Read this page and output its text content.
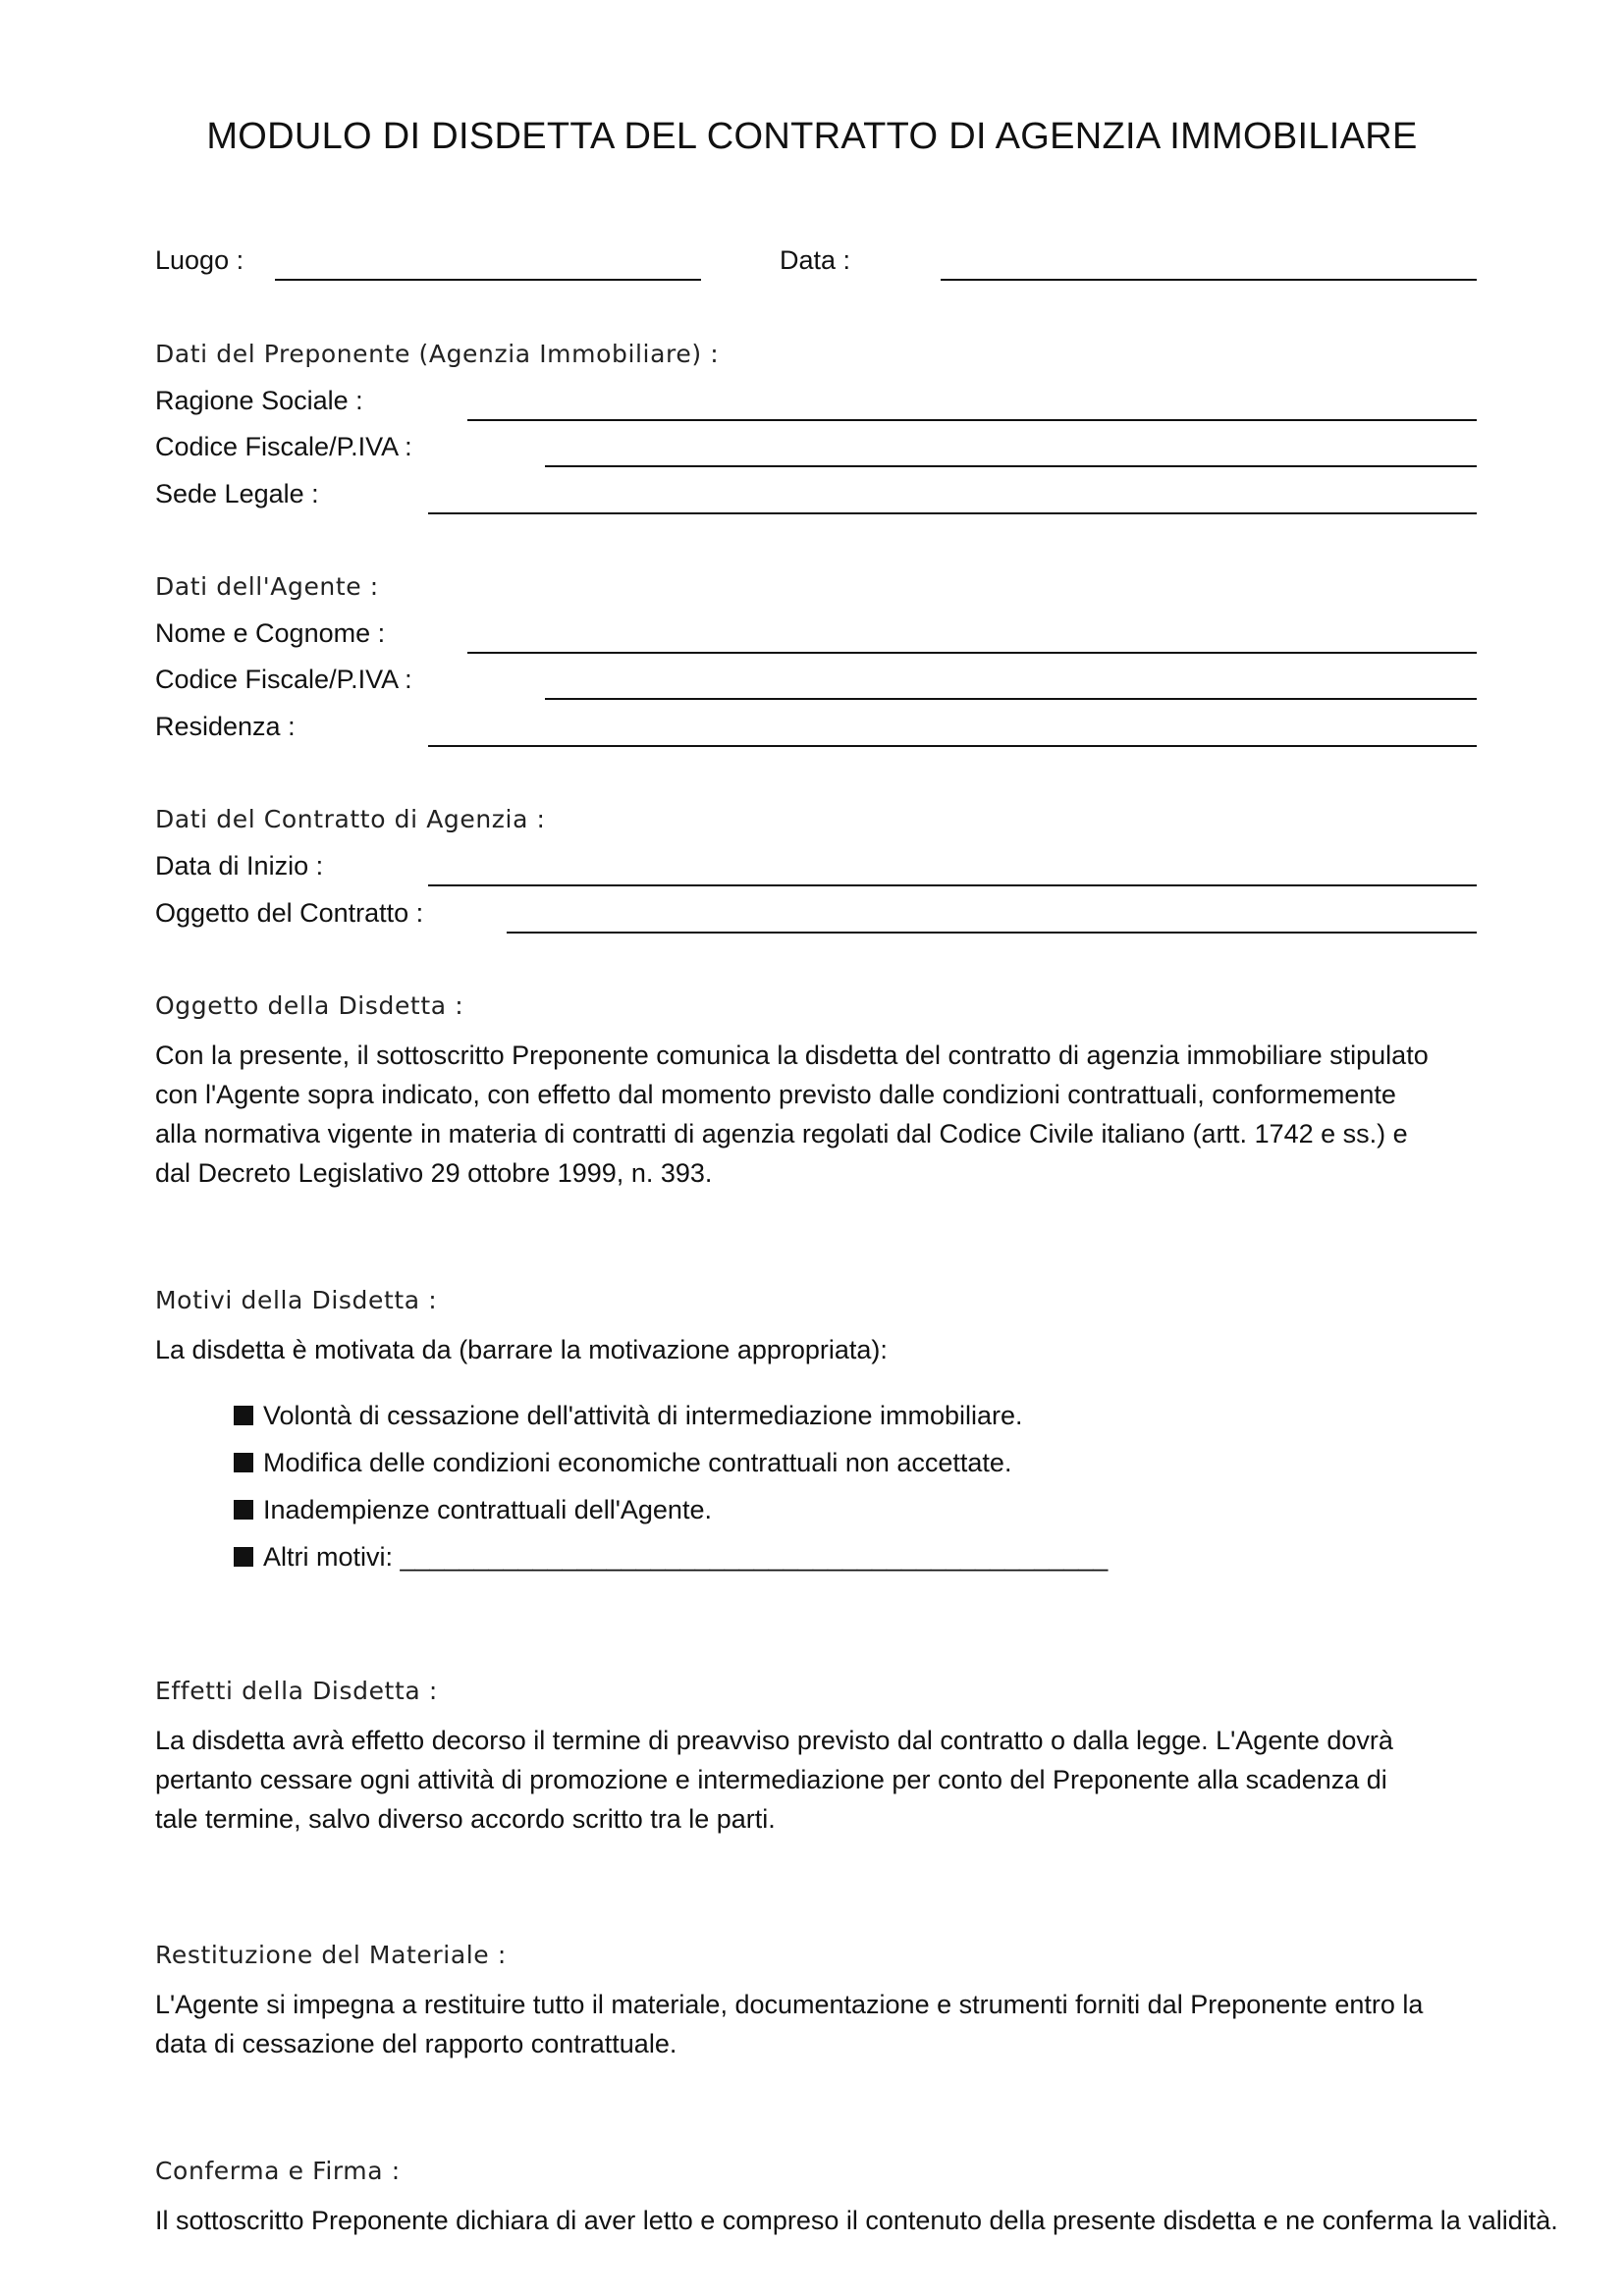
MODULO DI DISDETTA DEL CONTRATTO DI AGENZIA IMMOBILIARE
Luogo :	Data :
Dati del Preponente (Agenzia Immobiliare) :
Ragione Sociale :
Codice Fiscale/P.IVA :
Sede Legale :
Dati dell'Agente :
Nome e Cognome :
Codice Fiscale/P.IVA :
Residenza :
Dati del Contratto di Agenzia :
Data di Inizio :
Oggetto del Contratto :
Oggetto della Disdetta :
Con la presente, il sottoscritto Preponente comunica la disdetta del contratto di agenzia immobiliare stipulato
con l'Agente sopra indicato, con effetto dal momento previsto dalle condizioni contrattuali, conformemente
alla normativa vigente in materia di contratti di agenzia regolati dal Codice Civile italiano (artt. 1742 e ss.) e
dal Decreto Legislativo 29 ottobre 1999, n. 393.
Motivi della Disdetta :
La disdetta è motivata da (barrare la motivazione appropriata):
Volontà di cessazione dell'attività di intermediazione immobiliare.
Modifica delle condizioni economiche contrattuali non accettate.
Inadempienze contrattuali dell'Agente.
Altri motivi: ________________________________________________
Effetti della Disdetta :
La disdetta avrà effetto decorso il termine di preavviso previsto dal contratto o dalla legge. L'Agente dovrà
pertanto cessare ogni attività di promozione e intermediazione per conto del Preponente alla scadenza di
tale termine, salvo diverso accordo scritto tra le parti.
Restituzione del Materiale :
L'Agente si impegna a restituire tutto il materiale, documentazione e strumenti forniti dal Preponente entro la
data di cessazione del rapporto contrattuale.
Conferma e Firma :
Il sottoscritto Preponente dichiara di aver letto e compreso il contenuto della presente disdetta e ne conferma la validità.
